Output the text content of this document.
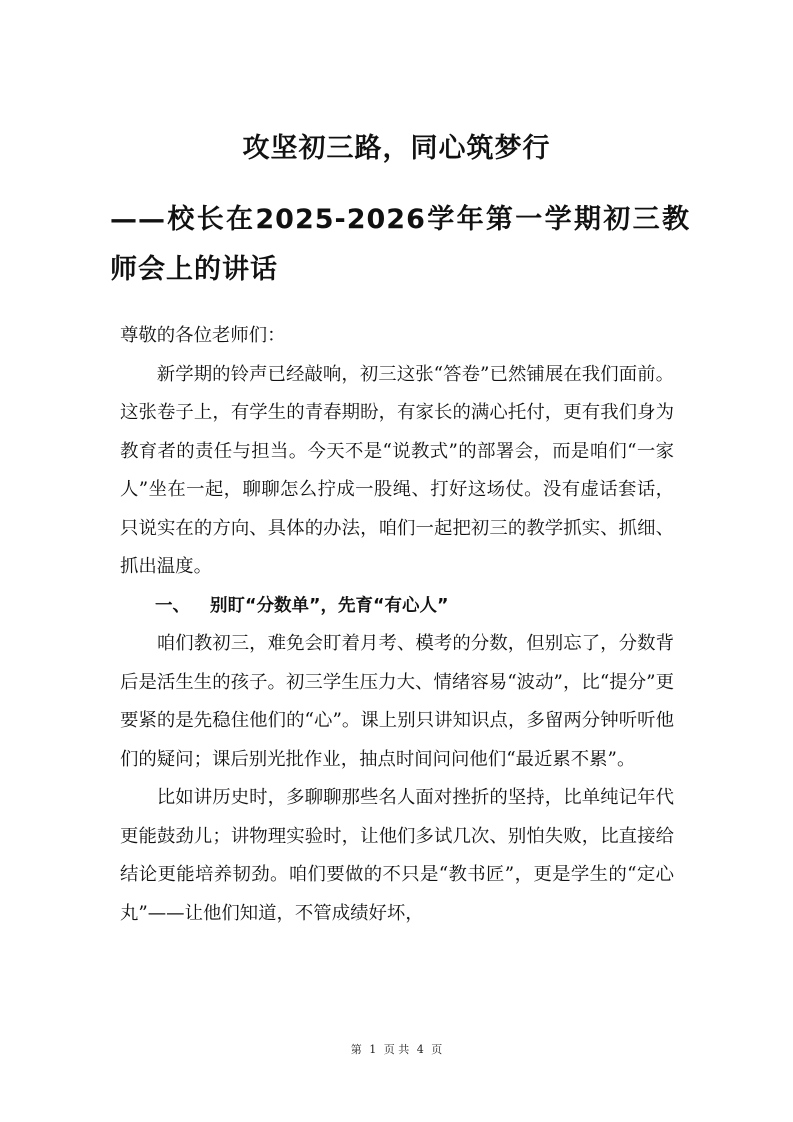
攻坚初三路，同心筑梦行
——校长在2025-2026学年第一学期初三教师会上的讲话

尊敬的各位老师们：

新学期的铃声已经敲响，初三这张“答卷”已然铺展在我们面前。这张卷子上，有学生的青春期盼，有家长的满心托付，更有我们身为教育者的责任与担当。今天不是“说教式”的部署会，而是咱们“一家人”坐在一起，聊聊怎么拧成一股绳、打好这场仗。没有虚话套话，只说实在的方向、具体的办法，咱们一起把初三的教学抓实、抓细、抓出温度。

一、 别盯“分数单”，先育“有心人”

咱们教初三，难免会盯着月考、模考的分数，但别忘了，分数背后是活生生的孩子。初三学生压力大、情绪容易“波动”，比“提分”更要紧的是先稳住他们的“心”。课上别只讲知识点，多留两分钟听听他们的疑问；课后别光批作业，抽点时间问问他们“最近累不累”。

比如讲历史时，多聊聊那些名人面对挫折的坚持，比单纯记年代更能鼓劲儿；讲物理实验时，让他们多试几次、别怕失败，比直接给结论更能培养韧劲。咱们要做的不只是“教书匠”，更是学生的“定心丸”——让他们知道，不管成绩好坏，

第 1 页 共 4 页
